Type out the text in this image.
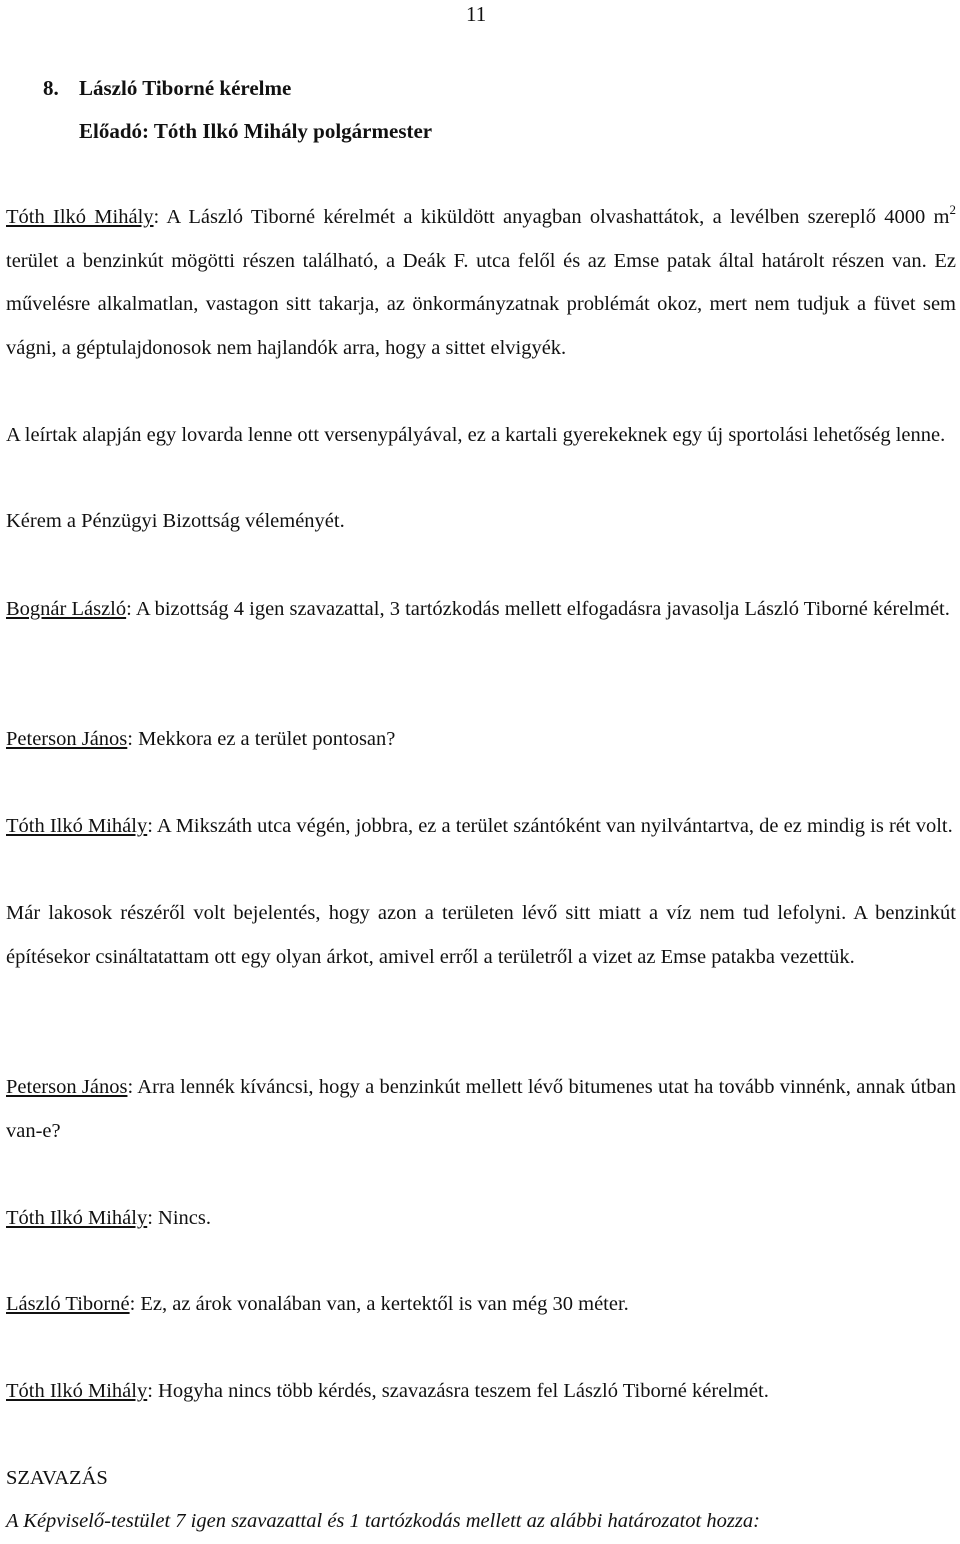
11
8. László Tiborné kérelme
Előadó: Tóth Ilkó Mihály polgármester

Tóth Ilkó Mihály: A László Tiborné kérelmét a kiküldött anyagban olvashattátok, a levélben szereplő 4000 $m^2$ terület a benzinkút mögötti részen található, a Deák F. utca felől és az Emse patak által határolt részen van. Ez művelésre alkalmatlan, vastagon sitt takarja, az önkormányzatnak problémát okoz, mert nem tudjuk a füvet sem vágni, a géptulajdonosok nem hajlandók arra, hogy a sittet elvigyék.

A leírtak alapján egy lovarda lenne ott versenypályával, ez a kartali gyerekeknek egy új sportolási lehetőség lenne.

Kérem a Pénzügyi Bizottság véleményét.

Bognár László: A bizottság 4 igen szavazattal, 3 tartózkodás mellett elfogadásra javasolja László Tiborné kérelmét.

Peterson János: Mekkora ez a terület pontosan?

Tóth Ilkó Mihály: A Mikszáth utca végén, jobbra, ez a terület szántóként van nyilvántartva, de ez mindig is rét volt.

Már lakosok részéről volt bejelentés, hogy azon a területen lévő sitt miatt a víz nem tud lefolyni. A benzinkút építésekor csináltatattam ott egy olyan árkot, amivel erről a területről a vizet az Emse patakba vezettük.

Peterson János: Arra lennék kíváncsi, hogy a benzinkút mellett lévő bitumenes utat ha tovább vinnénk, annak útban van-e?

Tóth Ilkó Mihály: Nincs.

László Tiborné: Ez, az árok vonalában van, a kertektől is van még 30 méter.

Tóth Ilkó Mihály: Hogyha nincs több kérdés, szavazásra teszem fel László Tiborné kérelmét.

SZAVAZÁS

A Képviselő-testület 7 igen szavazattal és 1 tartózkodás mellett az alábbi határozatot hozza:
